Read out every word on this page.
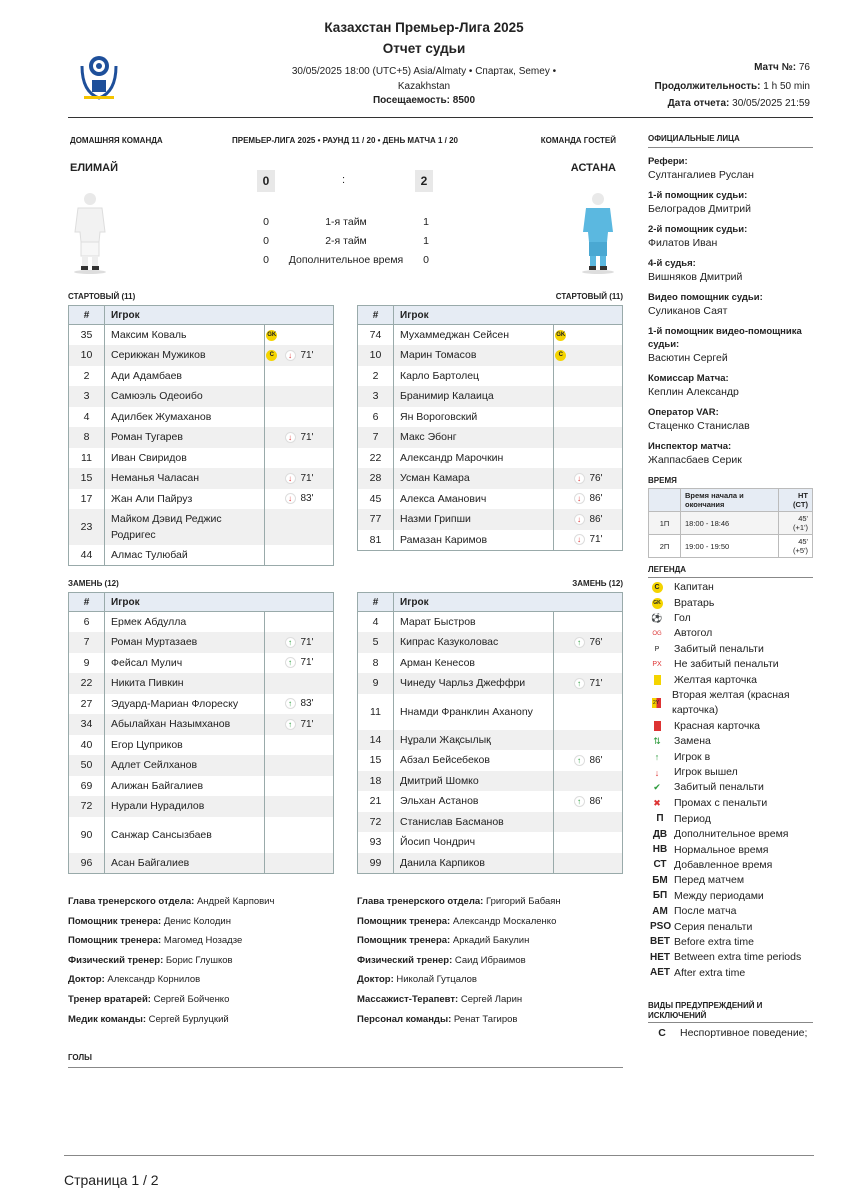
Казахстан Премьер-Лига 2025
Отчет судьи
30/05/2025 18:00 (UTC+5) Asia/Almaty • Спартак, Semey • Kazakhstan
Посещаемость: 8500
Матч №: 76
Продолжительность: 1 h 50 min
Дата отчета: 30/05/2025 21:59
ДОМАШНЯЯ КОМАНДА	ПРЕМЬЕР-ЛИГА 2025 • РАУНД 11 / 20 • ДЕНЬ МАТЧА 1 / 20	КОМАНДА ГОСТЕЙ
ЕЛИМАЙ	АСТАНА
0	:	2
0	1-я тайм	1
0	2-я тайм	1
0	Дополнительное время	0
СТАРТОВЫЙ (11)	СТАРТОВЫЙ (11)
#	Игрок		
35	Максим Коваль	GK	
10	Серикжан Мужиков	C	↓ 71'
2	Ади Адамбаев		
3	Самюэль Одеоибо		
4	Адилбек Жумаханов		
8	Роман Тугарев		↓ 71'
11	Иван Свиридов		
15	Неманья Чаласан		↓ 71'
17	Жан Али Пайруз		↓ 83'
23	Майком Дэвид Реджис Родригес		
44	Алмас Тулюбай		
#	Игрок		
74	Мухаммеджан Сейсен	GK	
10	Марин Томасов	C	
2	Карло Бартолец		
3	Бранимир Калаица		
6	Ян Вороговский		
7	Макс Эбонг		
22	Александр Марочкин		
28	Усман Камара		↓ 76'
45	Алекса Аманович		↓ 86'
77	Назми Грипши		↓ 86'
81	Рамазан Каримов		↓ 71'
ЗАМЕНЬ (12)	ЗАМЕНЬ (12)
#	Игрок		
6	Ермек Абдулла		
7	Роман Муртазаев		↑ 71'
9	Фейсал Мулич		↑ 71'
22	Никита Пивкин		
27	Эдуард-Мариан Флореску		↑ 83'
34	Абылайхан Назымханов		↑ 71'
40	Егор Цуприков		
50	Адлет Сейлханов		
69	Алижан Байгалиев		
72	Нурали Нурадилов		
90	Санжар Сансызбаев		
96	Асан Байгалиев		
#	Игрок		
4	Марат Быстров		
5	Кипрас Казуколовас		↑ 76'
8	Арман Кенесов		
9	Чинеду Чарльз Джеффри		↑ 71'
11	Ннамди Франклин Аханоnу		
14	Нұрали Жақсылық		
15	Абзал Бейсебеков		↑ 86'
18	Дмитрий Шомко		
21	Эльхан Астанов		↑ 86'
72	Станислав Басманов		
93	Йосип Чондрич		
99	Данила Карпиков		
Глава тренерского отдела: Андрей Карпович
Помощник тренера: Денис Колодин
Помощник тренера: Магомед Нозадзе
Физический тренер: Борис Глушков
Доктор: Александр Корнилов
Тренер вратарей: Сергей Бойченко
Медик команды: Сергей Бурлуцкий
Глава тренерского отдела: Григорий Бабаян
Помощник тренера: Александр Москаленко
Помощник тренера: Аркадий Бакулин
Физический тренер: Саид Ибраимов
Доктор: Николай Гутцалов
Массажист-Терапевт: Сергей Ларин
Персонал команды: Ренат Тагиров
ГОЛЫ
ОФИЦИАЛЬНЫЕ ЛИЦА
Рефери:
Султангалиев Руслан
1-й помощник судьи:
Белоградов Дмитрий
2-й помощник судьи:
Филатов Иван
4-й судья:
Вишняков Дмитрий
Видео помощник судьи:
Суликанов Саят
1-й помощник видео-помощника судьи:
Васютин Сергей
Комиссар Матча:
Кеплин Александр
Оператор VAR:
Стаценко Станислав
Инспектор матча:
Жаппасбаев Серик
ВРЕМЯ
	Время начала и окончания	HT (CT)
1П	18:00 - 18:46	45' (+1')
2П	19:00 - 19:50	45' (+5')
ЛЕГЕНДА
C Капитан
GK Вратарь
⚽ Гол
OG Автогол
P	Забитый пенальти
PX Не забитый пенальти
Желтая карточка
2Y
Вторая желтая (красная карточка)
Красная карточка
⇅	Замена
↑	Игрок в
↓	Игрок вышел
✔	Забитый пенальти
✖	Промах с пенальти
П Период
ДВ Дополнительное время
НВ Нормальное время
СТ Добавленное время
БМ Перед матчем
БП Между периодами
АМ После матча
PSO Серия пенальти
BET Before extra time
HET Between extra time periods
AET After extra time
ВИДЫ ПРЕДУПРЕЖДЕНИЙ И ИСКЛЮЧЕНИЙ
С	Неспортивное поведение;
Страница 1 / 2
